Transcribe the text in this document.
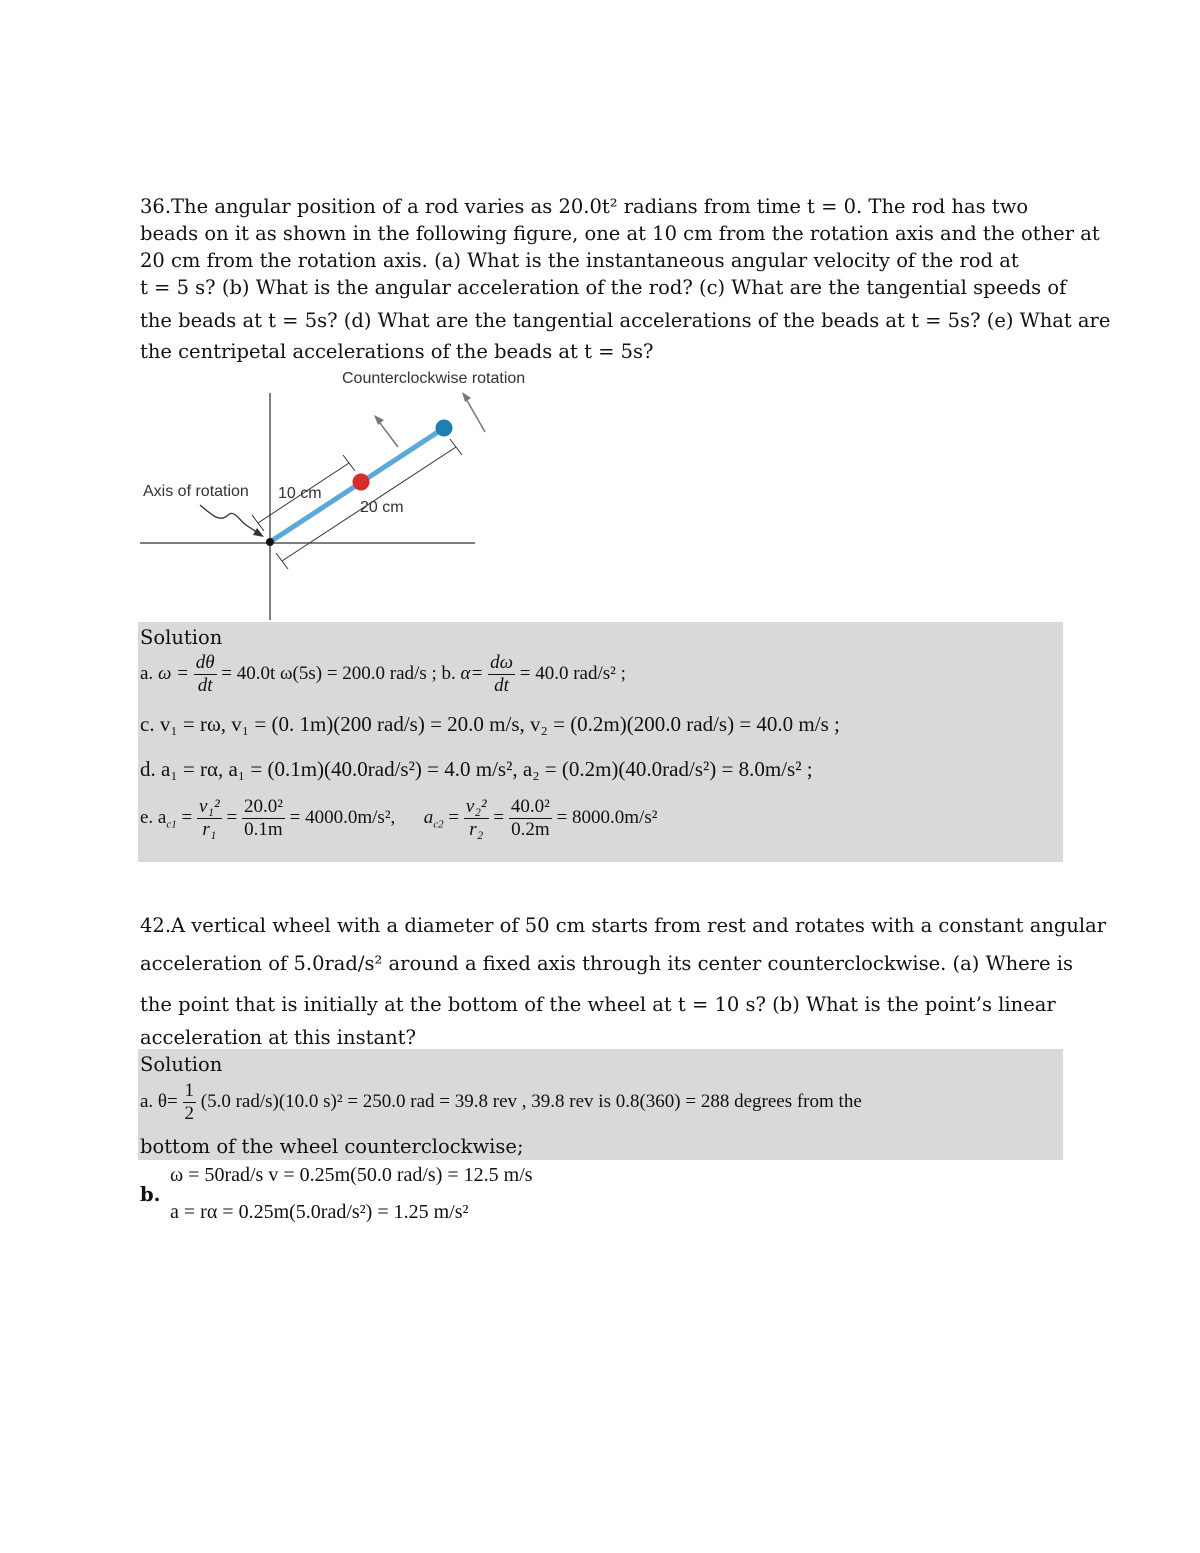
36.The angular position of a rod varies as 20.0t² radians from time t = 0. The rod has two
beads on it as shown in the following figure, one at 10 cm from the rotation axis and the other at
20 cm from the rotation axis. (a) What is the instantaneous angular velocity of the rod at
t = 5 s? (b) What is the angular acceleration of the rod? (c) What are the tangential speeds of
the beads at t = 5s? (d) What are the tangential accelerations of the beads at t = 5s? (e) What are
the centripetal accelerations of the beads at t = 5s?
Counterclockwise rotation
Axis of rotation 10 cm
20 cm
Solution
a. $\omega = \frac{d\theta}{dt} = 40.0t$ ω(5s) = 200.0 rad/s ; b. $\alpha= \frac{d\omega}{dt} = 40.0$ rad/s² ;
c. v₁ = rω, v₁ = (0. 1m)(200 rad/s) = 20.0 m/s, v₂ = (0.2m)(200.0 rad/s) = 40.0 m/s ;
d. a₁ = rα, a₁ = (0.1m)(40.0rad/s²) = 4.0 m/s², a₂ = (0.2m)(40.0rad/s²) = 8.0m/s² ;
e. $a_{c1} = \frac{\text{v₁²}}{\text{r₁}} = \frac{\text{20.0²}}{0.1m} = 4000.0m/s^2$, $a_{c2} = \frac{\text{v₂²}}{\text{r₂}} = \frac{\text{40.0²}}{0.2m} = 8000.0m/s^2$
42.A vertical wheel with a diameter of 50 cm starts from rest and rotates with a constant angular
acceleration of 5.0rad/s² around a fixed axis through its center counterclockwise. (a) Where is
the point that is initially at the bottom of the wheel at t = 10 s? (b) What is the point’s linear
acceleration at this instant?
Solution
a. $\theta= \frac{1}{2} (5.0$ rad/s)(10.0 s)² = 250.0 rad = 39.8 rev , 39.8 rev is 0.8(360) = 288 degrees from the
bottom of the wheel counterclockwise;
b.
ω = 50rad/s v = 0.25m(50.0 rad/s) = 12.5 m/s
a = rα = 0.25m(5.0rad/s²) = 1.25 m/s²
